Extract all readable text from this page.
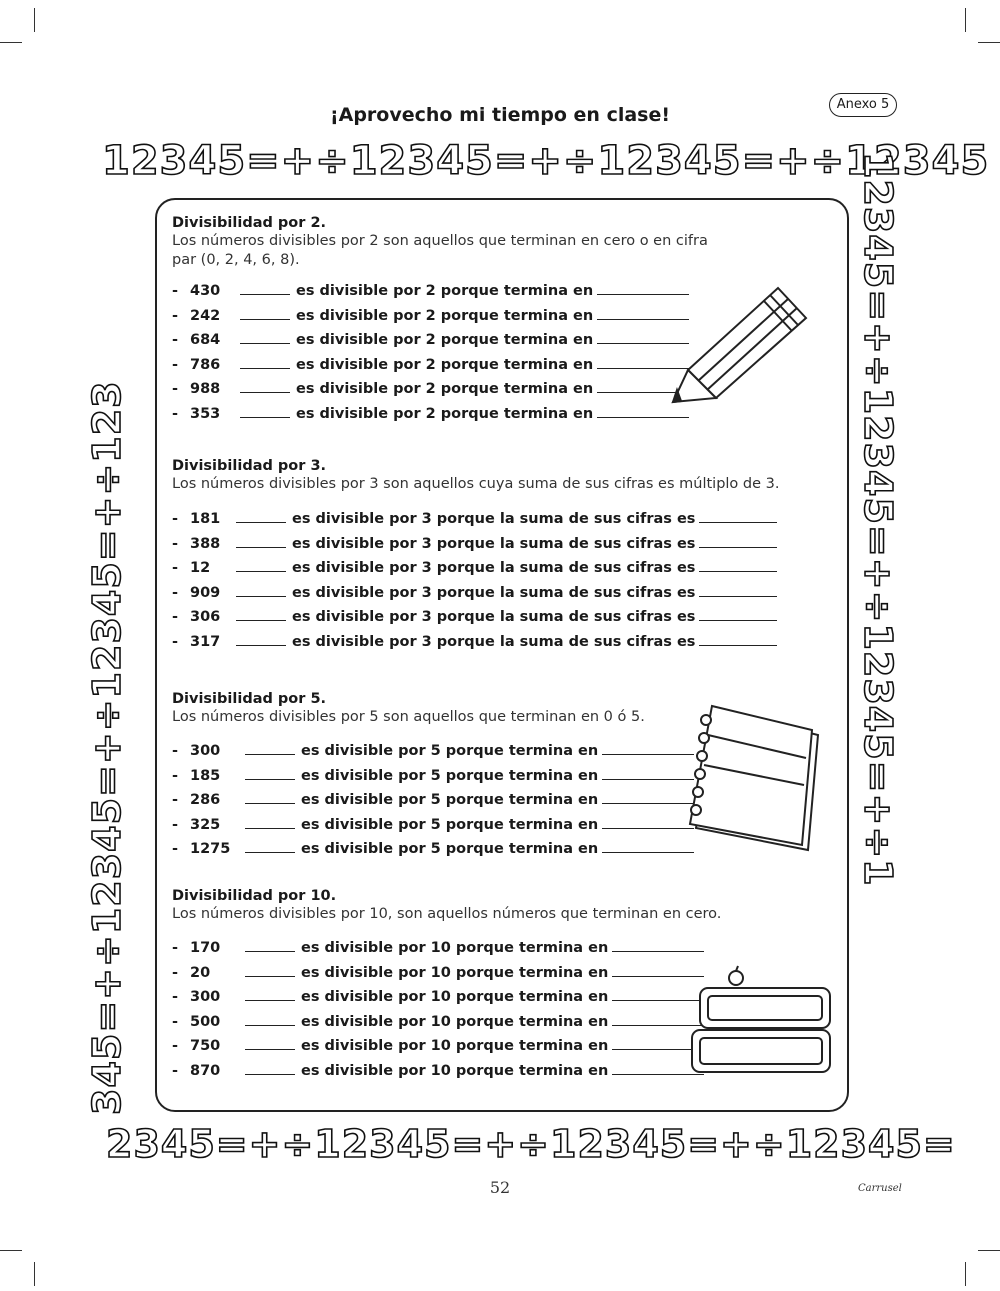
Anexo 5
¡Aprovecho mi tiempo en clase!
12345=+÷12345=+÷12345=+÷12345
12345=+÷12345=+÷12345=+÷1
2345=+÷12345=+÷12345=+÷12345=
345=+÷12345=+÷12345=+÷123

Divisibilidad por 2.

Los números divisibles por 2 son aquellos que terminan en cero o en cifra

par (0, 2, 4, 6, 8).

- 430	es divisible por 2 porque termina en
- 242	es divisible por 2 porque termina en
- 684	es divisible por 2 porque termina en
- 786	es divisible por 2 porque termina en
- 988	es divisible por 2 porque termina en
- 353	es divisible por 2 porque termina en

Divisibilidad por 3.

Los números divisibles por 3 son aquellos cuya suma de sus cifras es múltiplo de 3.

- 181	es divisible por 3 porque la suma de sus cifras es
- 388	es divisible por 3 porque la suma de sus cifras es
- 12	es divisible por 3 porque la suma de sus cifras es
- 909	es divisible por 3 porque la suma de sus cifras es
- 306	es divisible por 3 porque la suma de sus cifras es
- 317	es divisible por 3 porque la suma de sus cifras es

Divisibilidad por 5.

Los números divisibles por 5 son aquellos que terminan en 0 ó 5.

- 300	es divisible por 5 porque termina en
- 185	es divisible por 5 porque termina en
- 286	es divisible por 5 porque termina en
- 325	es divisible por 5 porque termina en
- 1275	es divisible por 5 porque termina en

Divisibilidad por 10.

Los números divisibles por 10, son aquellos números que terminan en cero.

- 170	es divisible por 10 porque termina en
- 20	es divisible por 10 porque termina en
- 300	es divisible por 10 porque termina en
- 500	es divisible por 10 porque termina en
- 750	es divisible por 10 porque termina en
- 870	es divisible por 10 porque termina en
52	Carrusel
